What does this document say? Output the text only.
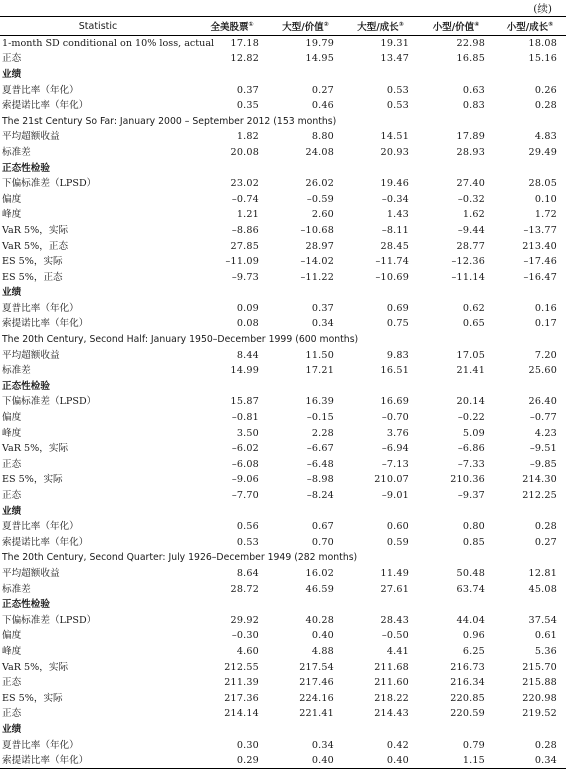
(续)
Statistic	全美股票①	大型/价值②	大型/成长③	小型/价值④	小型/成长⑤
1-month SD conditional on 10% loss, actual	17.18	19.79	19.31	22.98	18.08
正态	12.82	14.95	13.47	16.85	15.16
业绩					
夏普比率（年化）	0.37	0.27	0.53	0.63	0.26
索提诺比率（年化）	0.35	0.46	0.53	0.83	0.28
The 21st Century So Far: January 2000 – September 2012 (153 months)					
平均超额收益	1.82	8.80	14.51	17.89	4.83
标准差	20.08	24.08	20.93	28.93	29.49
正态性检验					
下偏标准差（LPSD）	23.02	26.02	19.46	27.40	28.05
偏度	–0.74	–0.59	–0.34	–0.32	0.10
峰度	1.21	2.60	1.43	1.62	1.72
VaR 5%，实际	–8.86	–10.68	–8.11	–9.44	–13.77
VaR 5%，正态	27.85	28.97	28.45	28.77	213.40
ES 5%，实际	–11.09	–14.02	–11.74	–12.36	–17.46
ES 5%，正态	–9.73	–11.22	–10.69	–11.14	–16.47
业绩					
夏普比率（年化）	0.09	0.37	0.69	0.62	0.16
索提诺比率（年化）	0.08	0.34	0.75	0.65	0.17
The 20th Century, Second Half: January 1950–December 1999 (600 months)					
平均超额收益	8.44	11.50	9.83	17.05	7.20
标准差	14.99	17.21	16.51	21.41	25.60
正态性检验					
下偏标准差（LPSD）	15.87	16.39	16.69	20.14	26.40
偏度	–0.81	–0.15	–0.70	–0.22	–0.77
峰度	3.50	2.28	3.76	5.09	4.23
VaR 5%，实际	–6.02	–6.67	–6.94	–6.86	–9.51
正态	–6.08	–6.48	–7.13	–7.33	–9.85
ES 5%，实际	–9.06	–8.98	210.07	210.36	214.30
正态	–7.70	–8.24	–9.01	–9.37	212.25
业绩					
夏普比率（年化）	0.56	0.67	0.60	0.80	0.28
索提诺比率（年化）	0.53	0.70	0.59	0.85	0.27
The 20th Century, Second Quarter: July 1926–December 1949 (282 months)					
平均超额收益	8.64	16.02	11.49	50.48	12.81
标准差	28.72	46.59	27.61	63.74	45.08
正态性检验					
下偏标准差（LPSD）	29.92	40.28	28.43	44.04	37.54
偏度	–0.30	0.40	–0.50	0.96	0.61
峰度	4.60	4.88	4.41	6.25	5.36
VaR 5%，实际	212.55	217.54	211.68	216.73	215.70
正态	211.39	217.46	211.60	216.34	215.88
ES 5%，实际	217.36	224.16	218.22	220.85	220.98
正态	214.14	221.41	214.43	220.59	219.52
业绩					
夏普比率（年化）	0.30	0.34	0.42	0.79	0.28
索提诺比率（年化）	0.29	0.40	0.40	1.15	0.34
